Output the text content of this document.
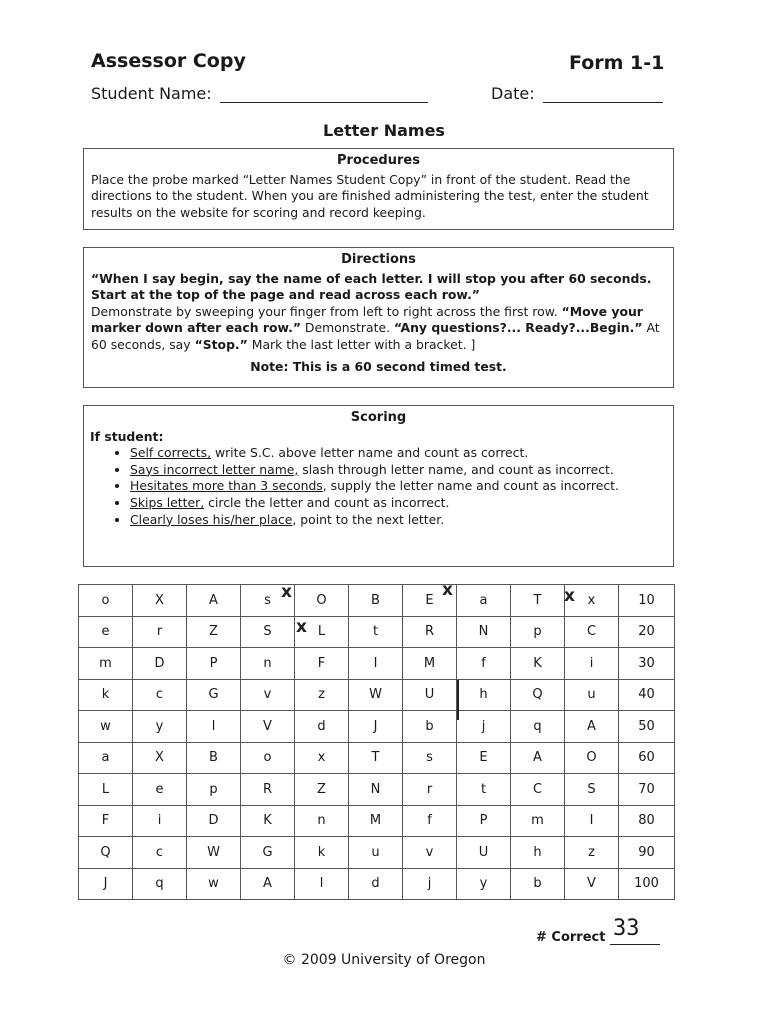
Assessor Copy	Form 1-1
Student Name:	Date:
Letter Names
Procedures

Place the probe marked “Letter Names Student Copy” in front of the student. Read the directions to the student. When you are finished administering the test, enter the student results on the website for scoring and record keeping.

Directions

“When I say begin, say the name of each letter. I will stop you after 60 seconds. Start at the top of the page and read across each row.”
Demonstrate by sweeping your finger from left to right across the first row. “Move your marker down after each row.” Demonstrate. “Any questions?... Ready?...Begin.” At 60 seconds, say “Stop.” Mark the last letter with a bracket. ]

Note: This is a 60 second timed test.
Scoring

If student:

• Self corrects, write S.C. above letter name and count as correct.
• Says incorrect letter name, slash through letter name, and count as incorrect.
• Hesitates more than 3 seconds, supply the letter name and count as incorrect.
• Skips letter, circle the letter and count as incorrect.
• Clearly loses his/her place, point to the next letter.
o	X	A	s	O	B	E	a	T	x	10
e	r	Z	S	L	t	R	N	p	C	20
m	D	P	n	F	I	M	f	K	i	30
k	c	G	v	z	W	U	h	Q	u	40
w	y	l	V	d	J	b	j	q	A	50
a	X	B	o	x	T	s	E	A	O	60
L	e	p	R	Z	N	r	t	C	S	70
F	i	D	K	n	M	f	P	m	I	80
Q	c	W	G	k	u	v	U	h	z	90
J	q	w	A	l	d	j	y	b	V	100
x	x	x
x
# Correct 33
© 2009 University of Oregon
